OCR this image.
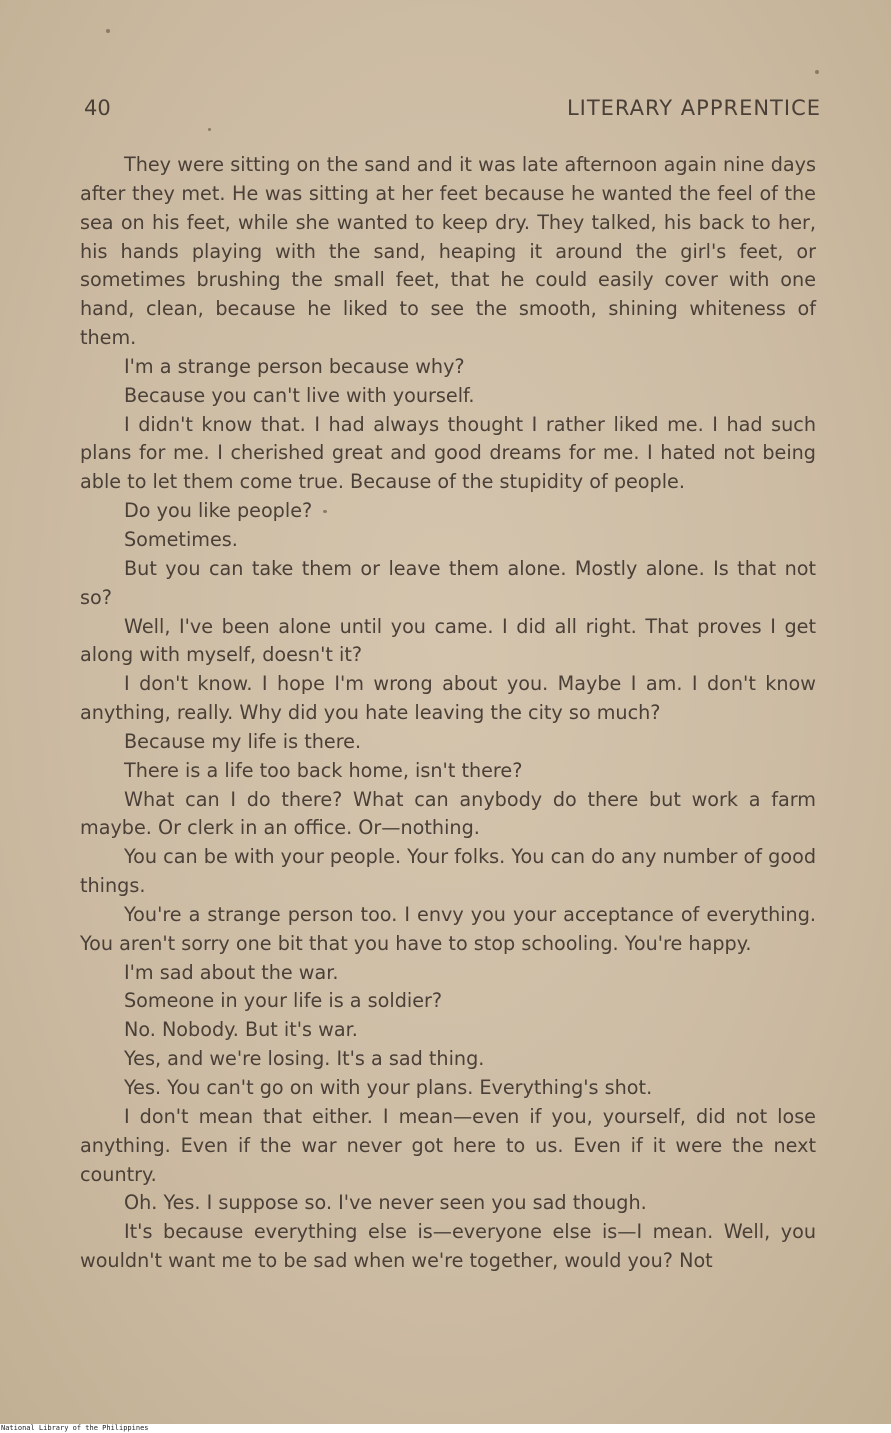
40	LITERARY APPRENTICE

They were sitting on the sand and it was late afternoon again nine days after they met. He was sitting at her feet because he wanted the feel of the sea on his feet, while she wanted to keep dry. They talked, his back to her, his hands playing with the sand, heaping it around the girl's feet, or sometimes brushing the small feet, that he could easily cover with one hand, clean, because he liked to see the smooth, shining whiteness of them.

I'm a strange person because why?

Because you can't live with yourself.

I didn't know that. I had always thought I rather liked me. I had such plans for me. I cherished great and good dreams for me. I hated not being able to let them come true. Because of the stupidity of people.

Do you like people?

Sometimes.

But you can take them or leave them alone. Mostly alone. Is that not so?

Well, I've been alone until you came. I did all right. That proves I get along with myself, doesn't it?

I don't know. I hope I'm wrong about you. Maybe I am. I don't know anything, really. Why did you hate leaving the city so much?

Because my life is there.

There is a life too back home, isn't there?

What can I do there? What can anybody do there but work a farm maybe. Or clerk in an office. Or—nothing.

You can be with your people. Your folks. You can do any number of good things.

You're a strange person too. I envy you your acceptance of everything. You aren't sorry one bit that you have to stop schooling. You're happy.

I'm sad about the war.

Someone in your life is a soldier?

No. Nobody. But it's war.

Yes, and we're losing. It's a sad thing.

Yes. You can't go on with your plans. Everything's shot.

I don't mean that either. I mean—even if you, yourself, did not lose anything. Even if the war never got here to us. Even if it were the next country.

Oh. Yes. I suppose so. I've never seen you sad though.

It's because everything else is—everyone else is—I mean. Well, you wouldn't want me to be sad when we're together, would you? Not

National Library of the Philippines
